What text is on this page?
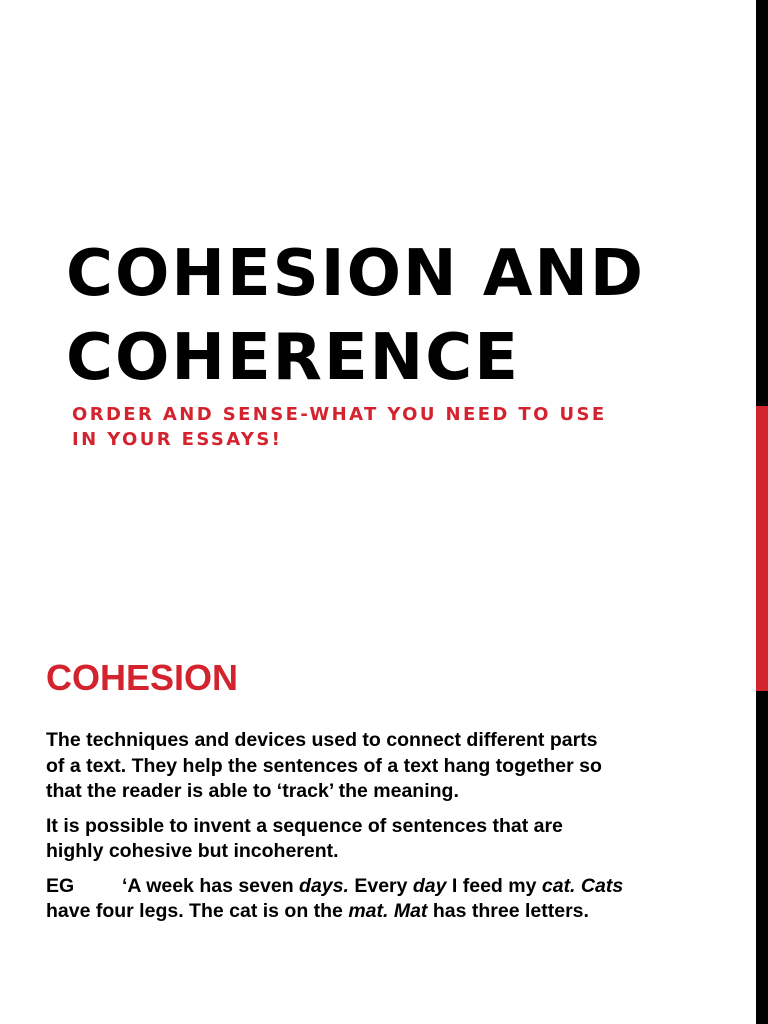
COHESION AND
COHERENCE
ORDER AND SENSE-WHAT YOU NEED TO USE
IN YOUR ESSAYS!
COHESION

The techniques and devices used to connect different parts
of a text. They help the sentences of a text hang together so
that the reader is able to ‘track’ the meaning.

It is possible to invent a sequence of sentences that are
highly cohesive but incoherent.

EG ‘A week has seven days. Every day I feed my cat. Cats
have four legs. The cat is on the mat. Mat has three letters.
